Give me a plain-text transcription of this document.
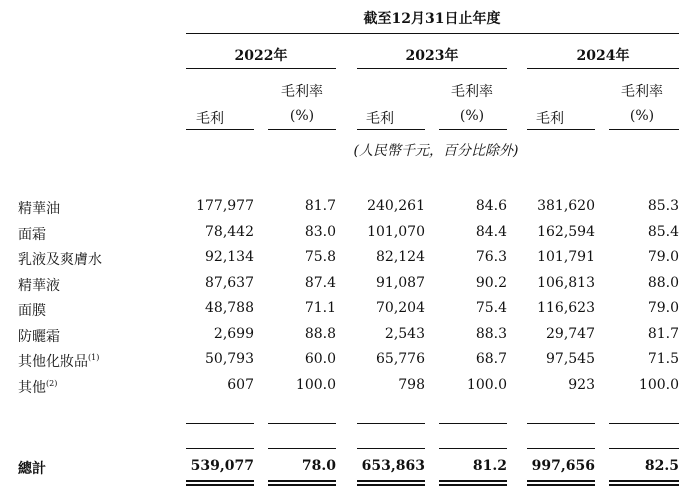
截至12月31日止年度
2022年	2023年	2024年
毛利率	毛利率	毛利率
毛利	(%)	毛利	(%)	毛利	(%)
(人民幣千元，百分比除外)
精華油	177,977	81.7	240,261	84.6	381,620	85.3
面霜	78,442	83.0	101,070	84.4	162,594	85.4
乳液及爽膚水	92,134	75.8	82,124	76.3	101,791	79.0
精華液	87,637	87.4	91,087	90.2	106,813	88.0
面膜	48,788	71.1	70,204	75.4	116,623	79.0
防曬霜	2,699	88.8	2,543	88.3	29,747	81.7
其他化妝品$^{(1)}$	50,793	60.0	65,776	68.7	97,545	71.5
其他$^{(2)}$	607	100.0	798	100.0	923	100.0
總計	539,077	78.0	653,863	81.2	997,656	82.5
